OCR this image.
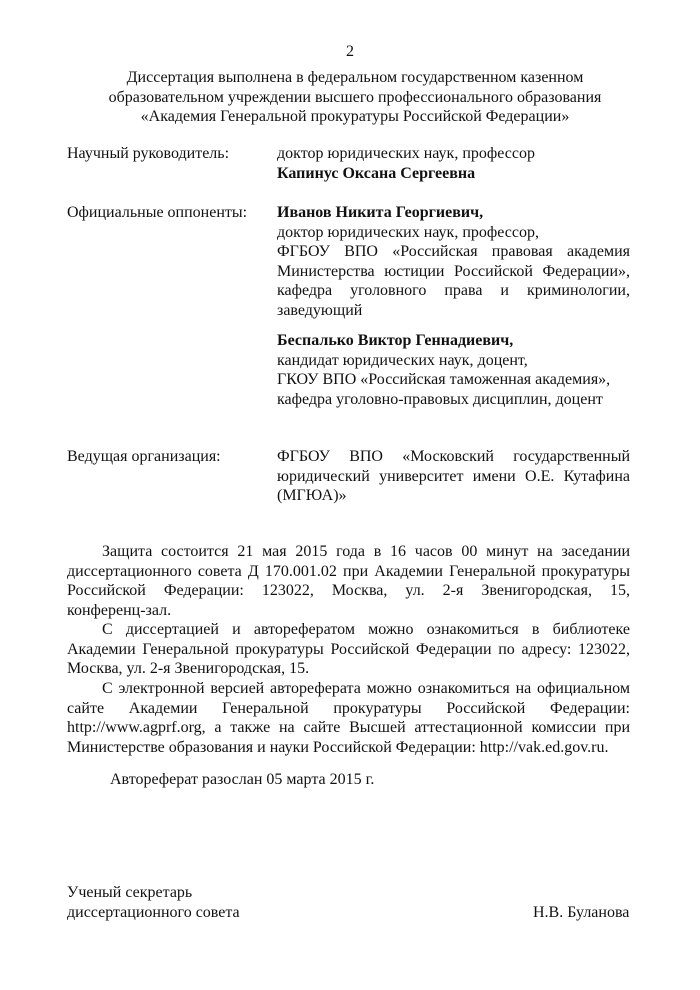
2
Диссертация выполнена в федеральном государственном казенном
образовательном учреждении высшего профессионального образования
«Академия Генеральной прокуратуры Российской Федерации»
Научный руководитель:	доктор юридических наук, профессор
Капинус Оксана Сергеевна
Официальные оппоненты: Иванов Никита Георгиевич,
доктор юридических наук, профессор,
ФГБОУ ВПО «Российская правовая академия
Министерства юстиции Российской Федерации»,
кафедра уголовного права и криминологии,
заведующий
Беспалько Виктор Геннадиевич,
кандидат юридических наук, доцент,
ГКОУ ВПО «Российская таможенная академия»,
кафедра уголовно-правовых дисциплин, доцент
Ведущая организация:	ФГБОУ ВПО «Московский государственный
юридический университет имени О.Е. Кутафина
(МГЮА)»
Защита состоится 21 мая 2015 года в 16 часов 00 минут на заседании
диссертационного совета Д 170.001.02 при Академии Генеральной прокуратуры
Российской Федерации: 123022, Москва, ул. 2-я Звенигородская, 15,
конференц-зал.
С диссертацией и авторефератом можно ознакомиться в библиотеке
Академии Генеральной прокуратуры Российской Федерации по адресу: 123022,
Москва, ул. 2-я Звенигородская, 15.
С электронной версией автореферата можно ознакомиться на официальном
сайте Академии Генеральной прокуратуры Российской Федерации:
http://www.agprf.org, а также на сайте Высшей аттестационной комиссии при
Министерстве образования и науки Российской Федерации: http://vak.ed.gov.ru.
Автореферат разослан 05 марта 2015 г.
Ученый секретарь
диссертационного совета	Н.В. Буланова
